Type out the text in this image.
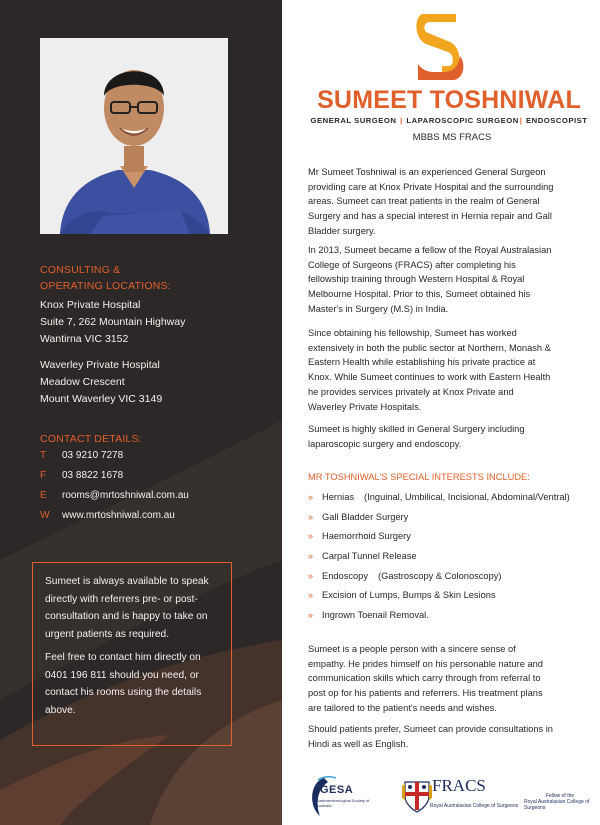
CONSULTING &
OPERATING LOCATIONS:
Knox Private Hospital
Suite 7, 262 Mountain Highway
Wantirna VIC 3152
Waverley Private Hospital
Meadow Crescent
Mount Waverley VIC 3149
CONTACT DETAILS:
T 03 9210 7278
F 03 8822 1678
E rooms@mrtoshniwal.com.au
W www.mrtoshniwal.com.au

Sumeet is always available to speak directly with referrers pre- or post-consultation and is happy to take on urgent patients as required.

Feel free to contact him directly on 0401 196 811 should you need, or contact his rooms using the details above.

SUMEET TOSHNIWAL
GENERAL SURGEON | LAPAROSCOPIC SURGEON| ENDOSCOPIST
MBBS MS FRACS

Mr Sumeet Toshniwal is an experienced General Surgeon providing care at Knox Private Hospital and the surrounding areas. Sumeet can treat patients in the realm of General Surgery and has a special interest in Hernia repair and Gall Bladder surgery.

In 2013, Sumeet became a fellow of the Royal Australasian College of Surgeons (FRACS) after completing his fellowship training through Western Hospital & Royal Melbourne Hospital. Prior to this, Sumeet obtained his Master's in Surgery (M.S) in India.

Since obtaining his fellowship, Sumeet has worked extensively in both the public sector at Northern, Monash & Eastern Health while establishing his private practice at Knox. While Sumeet continues to work with Eastern Health he provides services privately at Knox Private and Waverley Private Hospitals.

Sumeet is highly skilled in General Surgery including laparoscopic surgery and endoscopy.

MR TOSHNIWAL'S SPECIAL INTERESTS INCLUDE:
» Hernias (Inguinal, Umbilical, Incisional, Abdominal/Ventral)
» Gall Bladder Surgery
» Haemorrhoid Surgery
» Carpal Tunnel Release
» Endoscopy (Gastroscopy & Colonoscopy)
» Excision of Lumps, Bumps & Skin Lesions
» Ingrown Toenail Removal.

Sumeet is a people person with a sincere sense of empathy. He prides himself on his personable nature and communication skills which carry through from referral to post op for his patients and referrers. His treatment plans are tailored to the patient's needs and wishes.

Should patients prefer, Sumeet can provide consultations in Hindi as well as English.

GESA
Gastroenterological Society of Australia
FRACS
Royal Australasian College of Surgeons
Fellow of the
Royal Australasian College of Surgeons
